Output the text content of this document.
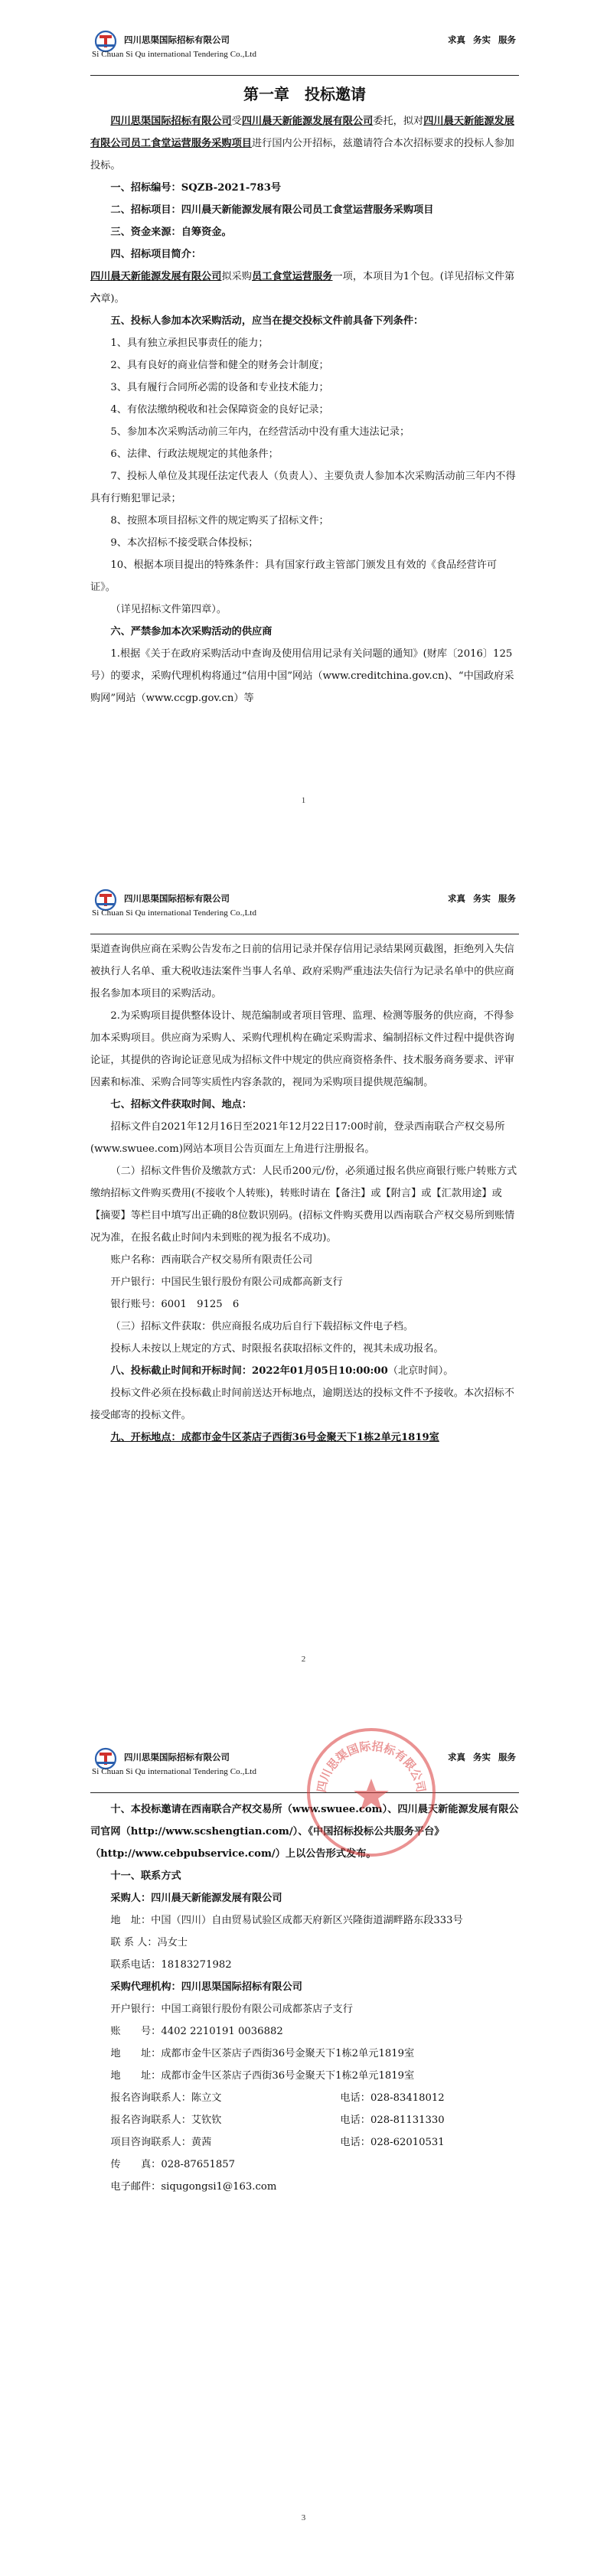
四川思渠国际招标有限公司
Si Chuan Si Qu international Tendering Co.,Ltd
求真 务实 服务

第一章　投标邀请

四川思渠国际招标有限公司受四川晨天新能源发展有限公司委托，拟对四川晨天新能源发展有限公司员工食堂运营服务采购项目进行国内公开招标，兹邀请符合本次招标要求的投标人参加投标。

一、招标编号：SQZB-2021-783号

二、招标项目：四川晨天新能源发展有限公司员工食堂运营服务采购项目

三、资金来源：自筹资金。

四、招标项目简介：

四川晨天新能源发展有限公司拟采购员工食堂运营服务一项，本项目为1个包。(详见招标文件第六章)。

五、投标人参加本次采购活动，应当在提交投标文件前具备下列条件：

1、具有独立承担民事责任的能力；

2、具有良好的商业信誉和健全的财务会计制度；

3、具有履行合同所必需的设备和专业技术能力；

4、有依法缴纳税收和社会保障资金的良好记录；

5、参加本次采购活动前三年内，在经营活动中没有重大违法记录；

6、法律、行政法规规定的其他条件；

7、投标人单位及其现任法定代表人（负责人）、主要负责人参加本次采购活动前三年内不得具有行贿犯罪记录；

8、按照本项目招标文件的规定购买了招标文件；

9、本次招标不接受联合体投标；

10、根据本项目提出的特殊条件：具有国家行政主管部门颁发且有效的《食品经营许可证》。

（详见招标文件第四章）。

六、严禁参加本次采购活动的供应商

1.根据《关于在政府采购活动中查询及使用信用记录有关问题的通知》(财库〔2016〕125号）的要求，采购代理机构将通过“信用中国”网站（www.creditchina.gov.cn)、“中国政府采购网”网站（www.ccgp.gov.cn）等

1
四川思渠国际招标有限公司
Si Chuan Si Qu international Tendering Co.,Ltd
求真 务实 服务

渠道查询供应商在采购公告发布之日前的信用记录并保存信用记录结果网页截图，拒绝列入失信被执行人名单、重大税收违法案件当事人名单、政府采购严重违法失信行为记录名单中的供应商报名参加本项目的采购活动。

2.为采购项目提供整体设计、规范编制或者项目管理、监理、检测等服务的供应商，不得参加本采购项目。供应商为采购人、采购代理机构在确定采购需求、编制招标文件过程中提供咨询论证，其提供的咨询论证意见成为招标文件中规定的供应商资格条件、技术服务商务要求、评审因素和标准、采购合同等实质性内容条款的，视同为采购项目提供规范编制。

七、招标文件获取时间、地点：

招标文件自2021年12月16日至2021年12月22日17:00时前，登录西南联合产权交易所(www.swuee.com)网站本项目公告页面左上角进行注册报名。

（二）招标文件售价及缴款方式：人民币200元/份，必须通过报名供应商银行账户转账方式缴纳招标文件购买费用(不接收个人转账)，转账时请在【备注】或【附言】或【汇款用途】或【摘要】等栏目中填写出正确的8位数识别码。(招标文件购买费用以西南联合产权交易所到账情况为准，在报名截止时间内未到账的视为报名不成功)。

账户名称：西南联合产权交易所有限责任公司

开户银行：中国民生银行股份有限公司成都高新支行

银行账号：6001　9125　6

（三）招标文件获取：供应商报名成功后自行下载招标文件电子档。

投标人未按以上规定的方式、时限报名获取招标文件的，视其未成功报名。

八、投标截止时间和开标时间：2022年01月05日10:00:00（北京时间）。

投标文件必须在投标截止时间前送达开标地点，逾期送达的投标文件不予接收。本次招标不接受邮寄的投标文件。

九、开标地点：成都市金牛区茶店子西街36号金聚天下1栋2单元1819室

2
四川思渠国际招标有限公司
Si Chuan Si Qu international Tendering Co.,Ltd
求真 务实 服务

十、本投标邀请在西南联合产权交易所（www.swuee.com）、四川晨天新能源发展有限公司官网（http://www.scshengtian.com/）、《中国招标投标公共服务平台》（http://www.cebpubservice.com/）上以公告形式发布。

十一、联系方式

采购人：四川晨天新能源发展有限公司

地　址：中国（四川）自由贸易试验区成都天府新区兴隆街道湖畔路东段333号

联 系 人：冯女士

联系电话：18183271982

采购代理机构：四川思渠国际招标有限公司

开户银行：中国工商银行股份有限公司成都茶店子支行

账　　号：4402 2210191 0036882

地　　址：成都市金牛区茶店子西街36号金聚天下1栋2单元1819室

地　　址：成都市金牛区茶店子西街36号金聚天下1栋2单元1819室

报名咨询联系人：陈立文	电话：028-83418012

报名咨询联系人：艾钦钦	电话：028-81131330

项目咨询联系人：黄茜	电话：028-62010531

传　　真：028-87651857

电子邮件：siqugongsi1@163.com

四川思渠国际招标有限公司
3
